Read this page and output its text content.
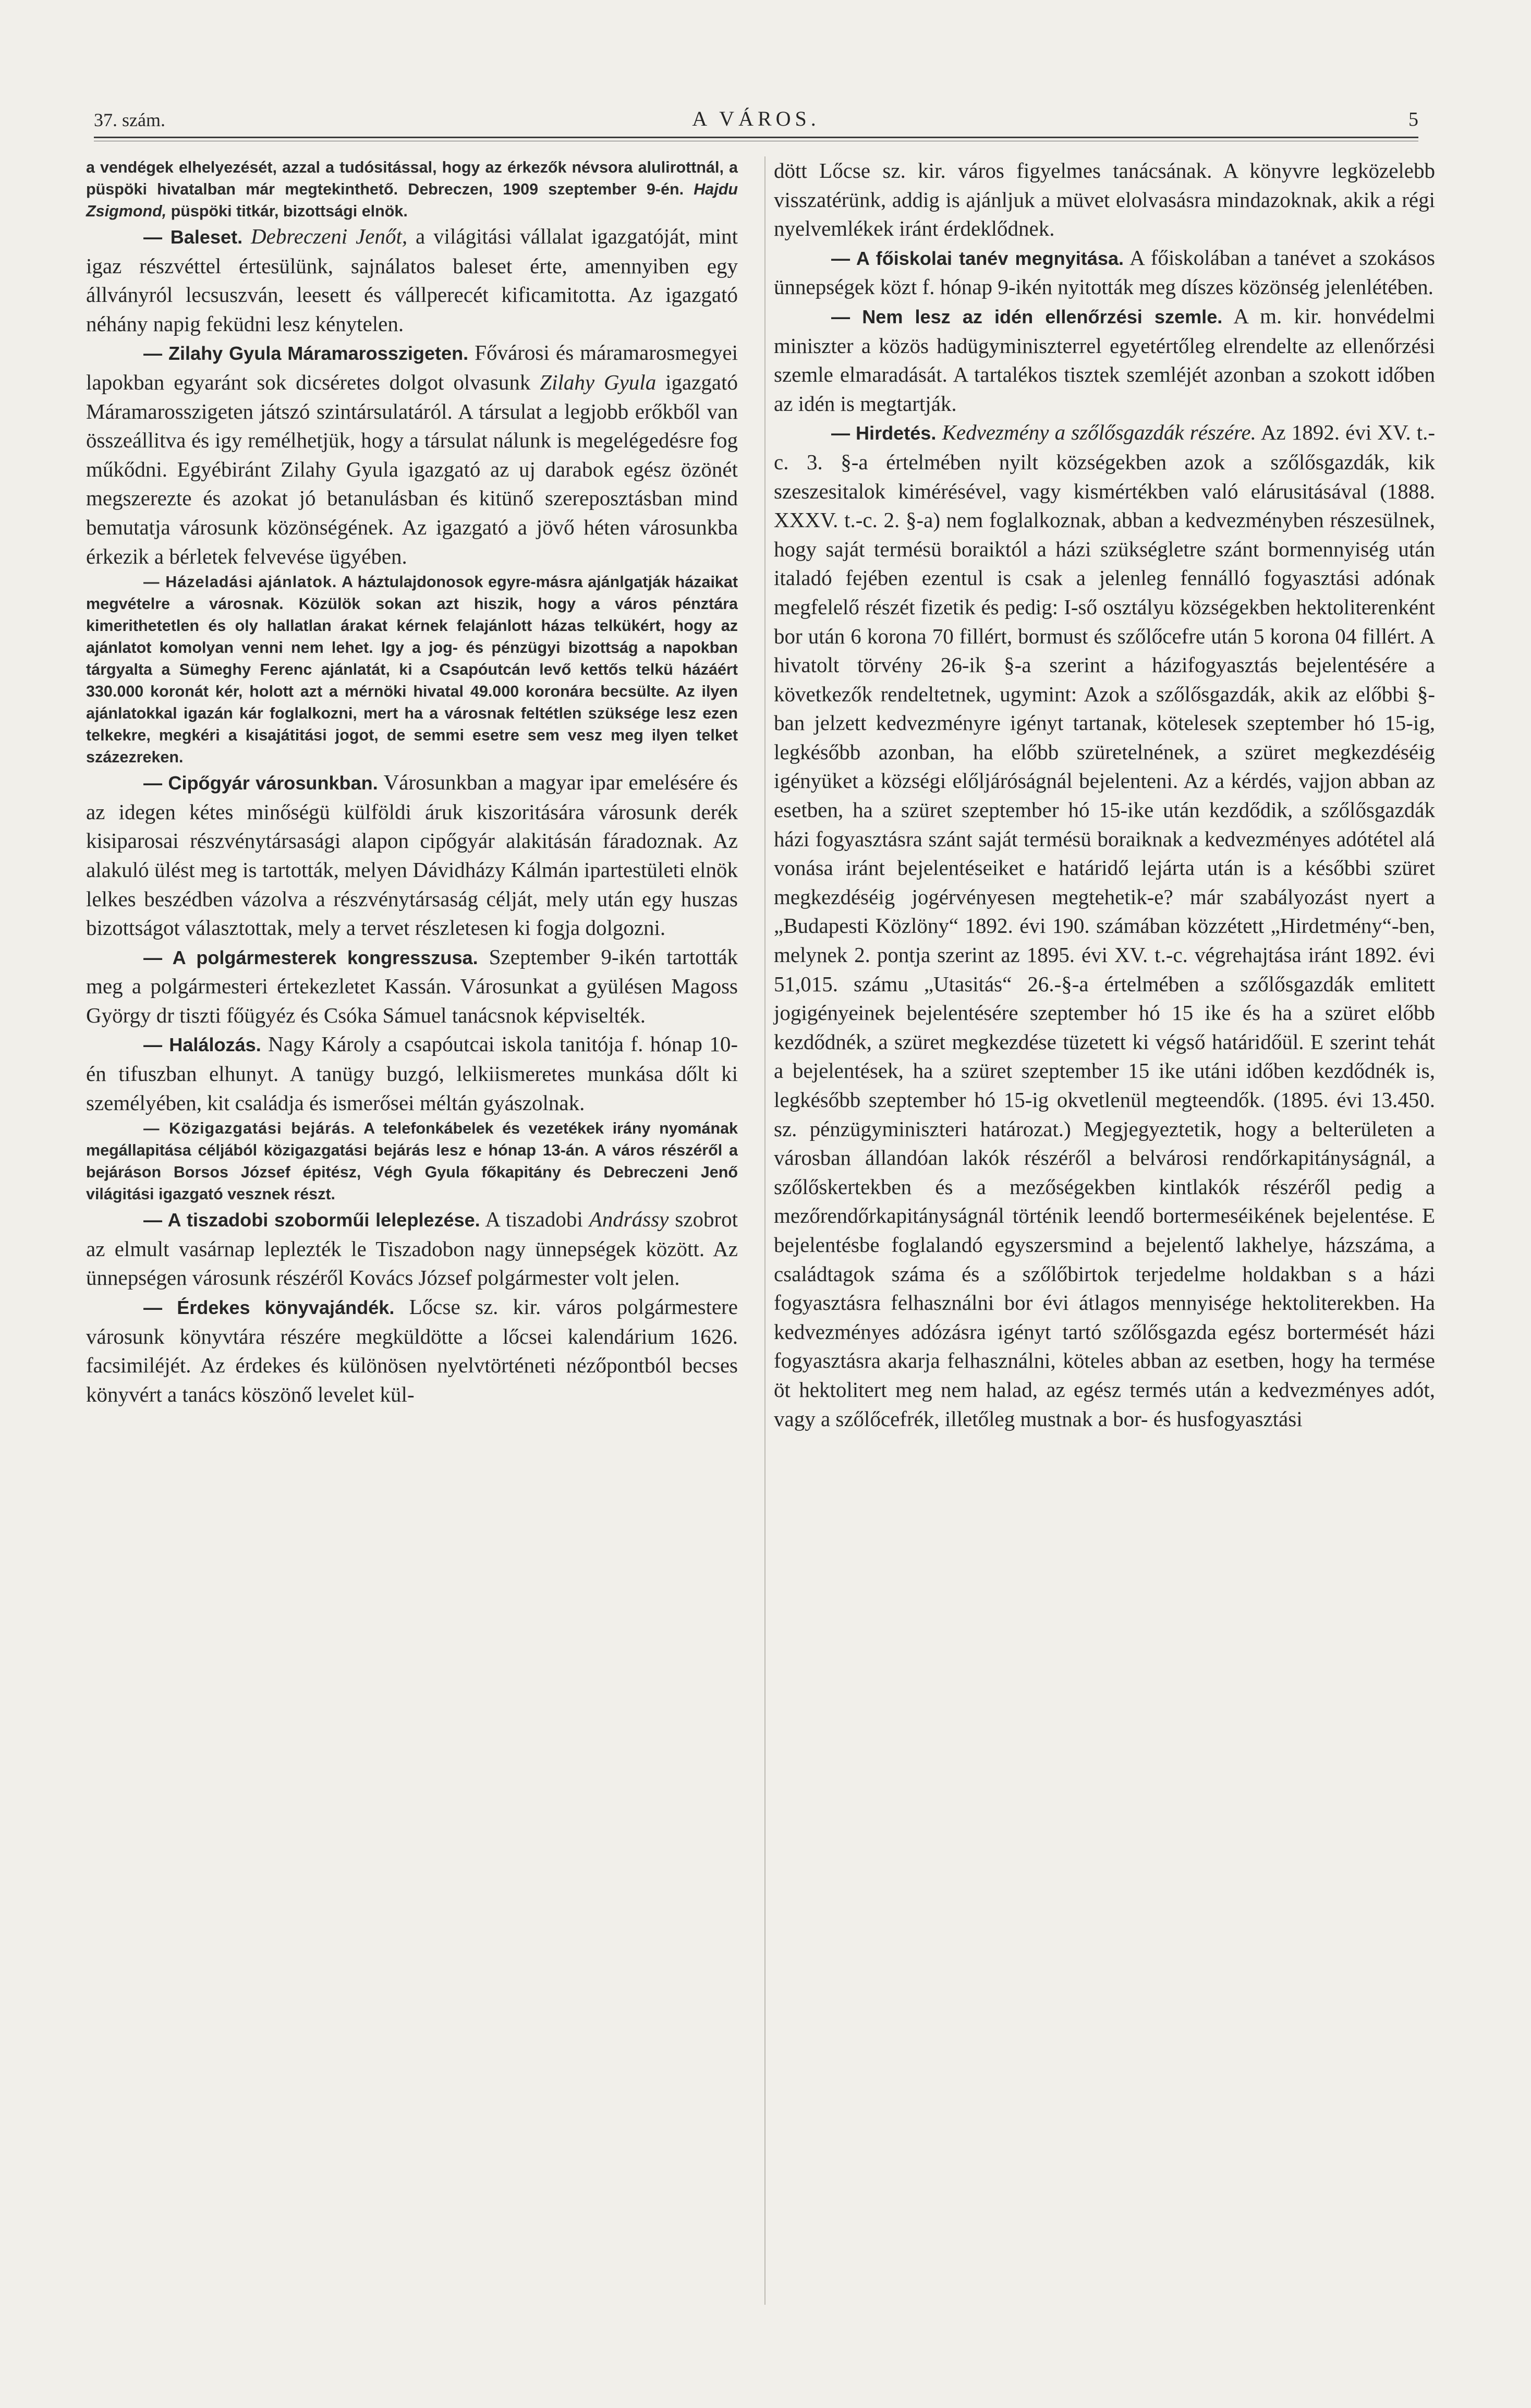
37. szám.	A VÁROS.	5

a vendégek elhelyezését, azzal a tudósitással, hogy az érkezők névsora alulirottnál, a püspöki hivatalban már megtekinthető. Debreczen, 1909 szeptember 9-én. Hajdu Zsigmond, püspöki titkár, bizottsági elnök.

— Baleset. Debreczeni Jenőt, a világitási vállalat igazgatóját, mint igaz részvéttel értesülünk, sajnálatos baleset érte, amennyiben egy állványról lecsuszván, leesett és vállperecét kificamitotta. Az igazgató néhány napig feküdni lesz kénytelen.

— Zilahy Gyula Máramarosszigeten. Fővárosi és máramarosmegyei lapokban egyaránt sok dicséretes dolgot olvasunk Zilahy Gyula igazgató Máramarosszigeten játszó szintársulatáról. A társulat a legjobb erőkből van összeállitva és igy remélhetjük, hogy a társulat nálunk is megelégedésre fog műkődni. Egyébiránt Zilahy Gyula igazgató az uj darabok egész özönét megszerezte és azokat jó betanulásban és kitünő szereposztásban mind bemutatja városunk közönségének. Az igazgató a jövő héten városunkba érkezik a bérletek felvevése ügyében.

— Házeladási ajánlatok. A háztulajdonosok egyre-másra ajánlgatják házaikat megvételre a városnak. Közülök sokan azt hiszik, hogy a város pénztára kimerithetetlen és oly hallatlan árakat kérnek felajánlott házas telkükért, hogy az ajánlatot komolyan venni nem lehet. Igy a jog- és pénzügyi bizottság a napokban tárgyalta a Sümeghy Ferenc ajánlatát, ki a Csapóutcán levő kettős telkü házáért 330.000 koronát kér, holott azt a mérnöki hivatal 49.000 koronára becsülte. Az ilyen ajánlatokkal igazán kár foglalkozni, mert ha a városnak feltétlen szüksége lesz ezen telkekre, megkéri a kisajátitási jogot, de semmi esetre sem vesz meg ilyen telket százezreken.

— Cipőgyár városunkban. Városunkban a magyar ipar emelésére és az idegen kétes minőségü külföldi áruk kiszoritására városunk derék kisiparosai részvénytársasági alapon cipőgyár alakitásán fáradoznak. Az alakuló ülést meg is tartották, melyen Dávidházy Kálmán ipartestületi elnök lelkes beszédben vázolva a részvénytársaság célját, mely után egy huszas bizottságot választottak, mely a tervet részletesen ki fogja dolgozni.

— A polgármesterek kongresszusa. Szeptember 9-ikén tartották meg a polgármesteri értekezletet Kassán. Városunkat a gyülésen Magoss György dr tiszti főügyéz és Csóka Sámuel tanácsnok képviselték.

— Halálozás. Nagy Károly a csapóutcai iskola tanitója f. hónap 10-én tifuszban elhunyt. A tanügy buzgó, lelkiismeretes munkása dőlt ki személyében, kit családja és ismerősei méltán gyászolnak.

— Közigazgatási bejárás. A telefonkábelek és vezetékek irány nyomának megállapitása céljából közigazgatási bejárás lesz e hónap 13-án. A város részéről a bejáráson Borsos József épitész, Végh Gyula főkapitány és Debreczeni Jenő világitási igazgató vesznek részt.

— A tiszadobi szoborműi leleplezése. A tiszadobi Andrássy szobrot az elmult vasárnap leplezték le Tiszadobon nagy ünnepségek között. Az ünnepségen városunk részéről Kovács József polgármester volt jelen.

— Érdekes könyvajándék. Lőcse sz. kir. város polgármestere városunk könyvtára részére megküldötte a lőcsei kalendárium 1626. facsimiléjét. Az érdekes és különösen nyelvtörténeti nézőpontból becses könyvért a tanács köszönő levelet kül-

dött Lőcse sz. kir. város figyelmes tanácsának. A könyvre legközelebb visszatérünk, addig is ajánljuk a müvet elolvasásra mindazoknak, akik a régi nyelvemlékek iránt érdeklődnek.

— A főiskolai tanév megnyitása. A főiskolában a tanévet a szokásos ünnepségek közt f. hónap 9-ikén nyitották meg díszes közönség jelenlétében.

— Nem lesz az idén ellenőrzési szemle. A m. kir. honvédelmi miniszter a közös hadügyminiszterrel egyetértőleg elrendelte az ellenőrzési szemle elmaradását. A tartalékos tisztek szemléjét azonban a szokott időben az idén is megtartják.

— Hirdetés. Kedvezmény a szőlősgazdák részére. Az 1892. évi XV. t.-c. 3. §-a értelmében nyilt községekben azok a szőlősgazdák, kik szeszesitalok kimérésével, vagy kismértékben való elárusitásával (1888. XXXV. t.-c. 2. §-a) nem foglalkoznak, abban a kedvezményben részesülnek, hogy saját termésü boraiktól a házi szükségletre szánt bormennyiség után italadó fejében ezentul is csak a jelenleg fennálló fogyasztási adónak megfelelő részét fizetik és pedig: I-ső osztályu községekben hektoliterenként bor után 6 korona 70 fillért, bormust és szőlőcefre után 5 korona 04 fillért. A hivatolt törvény 26-ik §-a szerint a házifogyasztás bejelentésére a következők rendeltetnek, ugymint: Azok a szőlősgazdák, akik az előbbi §-ban jelzett kedvezményre igényt tartanak, kötelesek szeptember hó 15-ig, legkésőbb azonban, ha előbb szüretelnének, a szüret megkezdéséig igényüket a községi előljáróságnál bejelenteni. Az a kérdés, vajjon abban az esetben, ha a szüret szeptember hó 15-ike után kezdődik, a szőlősgazdák házi fogyasztásra szánt saját termésü boraiknak a kedvezményes adótétel alá vonása iránt bejelentéseiket e határidő lejárta után is a későbbi szüret megkezdéséig jogérvényesen megtehetik-e? már szabályozást nyert a „Budapesti Közlöny“ 1892. évi 190. számában közzétett „Hirdetmény“-ben, melynek 2. pontja szerint az 1895. évi XV. t.-c. végrehajtása iránt 1892. évi 51,015. számu „Utasitás“ 26.-§-a értelmében a szőlősgazdák emlitett jogigényeinek bejelentésére szeptember hó 15 ike és ha a szüret előbb kezdődnék, a szüret megkezdése tüzetett ki végső határidőül. E szerint tehát a bejelentések, ha a szüret szeptember 15 ike utáni időben kezdődnék is, legkésőbb szeptember hó 15-ig okvetlenül megteendők. (1895. évi 13.450. sz. pénzügyminiszteri határozat.) Megjegyeztetik, hogy a belterületen a városban állandóan lakók részéről a belvárosi rendőrkapitányságnál, a szőlőskertekben és a mezőségekben kintlakók részéről pedig a mezőrendőrkapitányságnál történik leendő bortermeséikének bejelentése. E bejelentésbe foglalandó egyszersmind a bejelentő lakhelye, házszáma, a családtagok száma és a szőlőbirtok terjedelme holdakban s a házi fogyasztásra felhasználni bor évi átlagos mennyisége hektoliterekben. Ha kedvezményes adózásra igényt tartó szőlősgazda egész bortermését házi fogyasztásra akarja felhasználni, köteles abban az esetben, hogy ha termése öt hektolitert meg nem halad, az egész termés után a kedvezményes adót, vagy a szőlőcefrék, illetőleg mustnak a bor- és husfogyasztási
